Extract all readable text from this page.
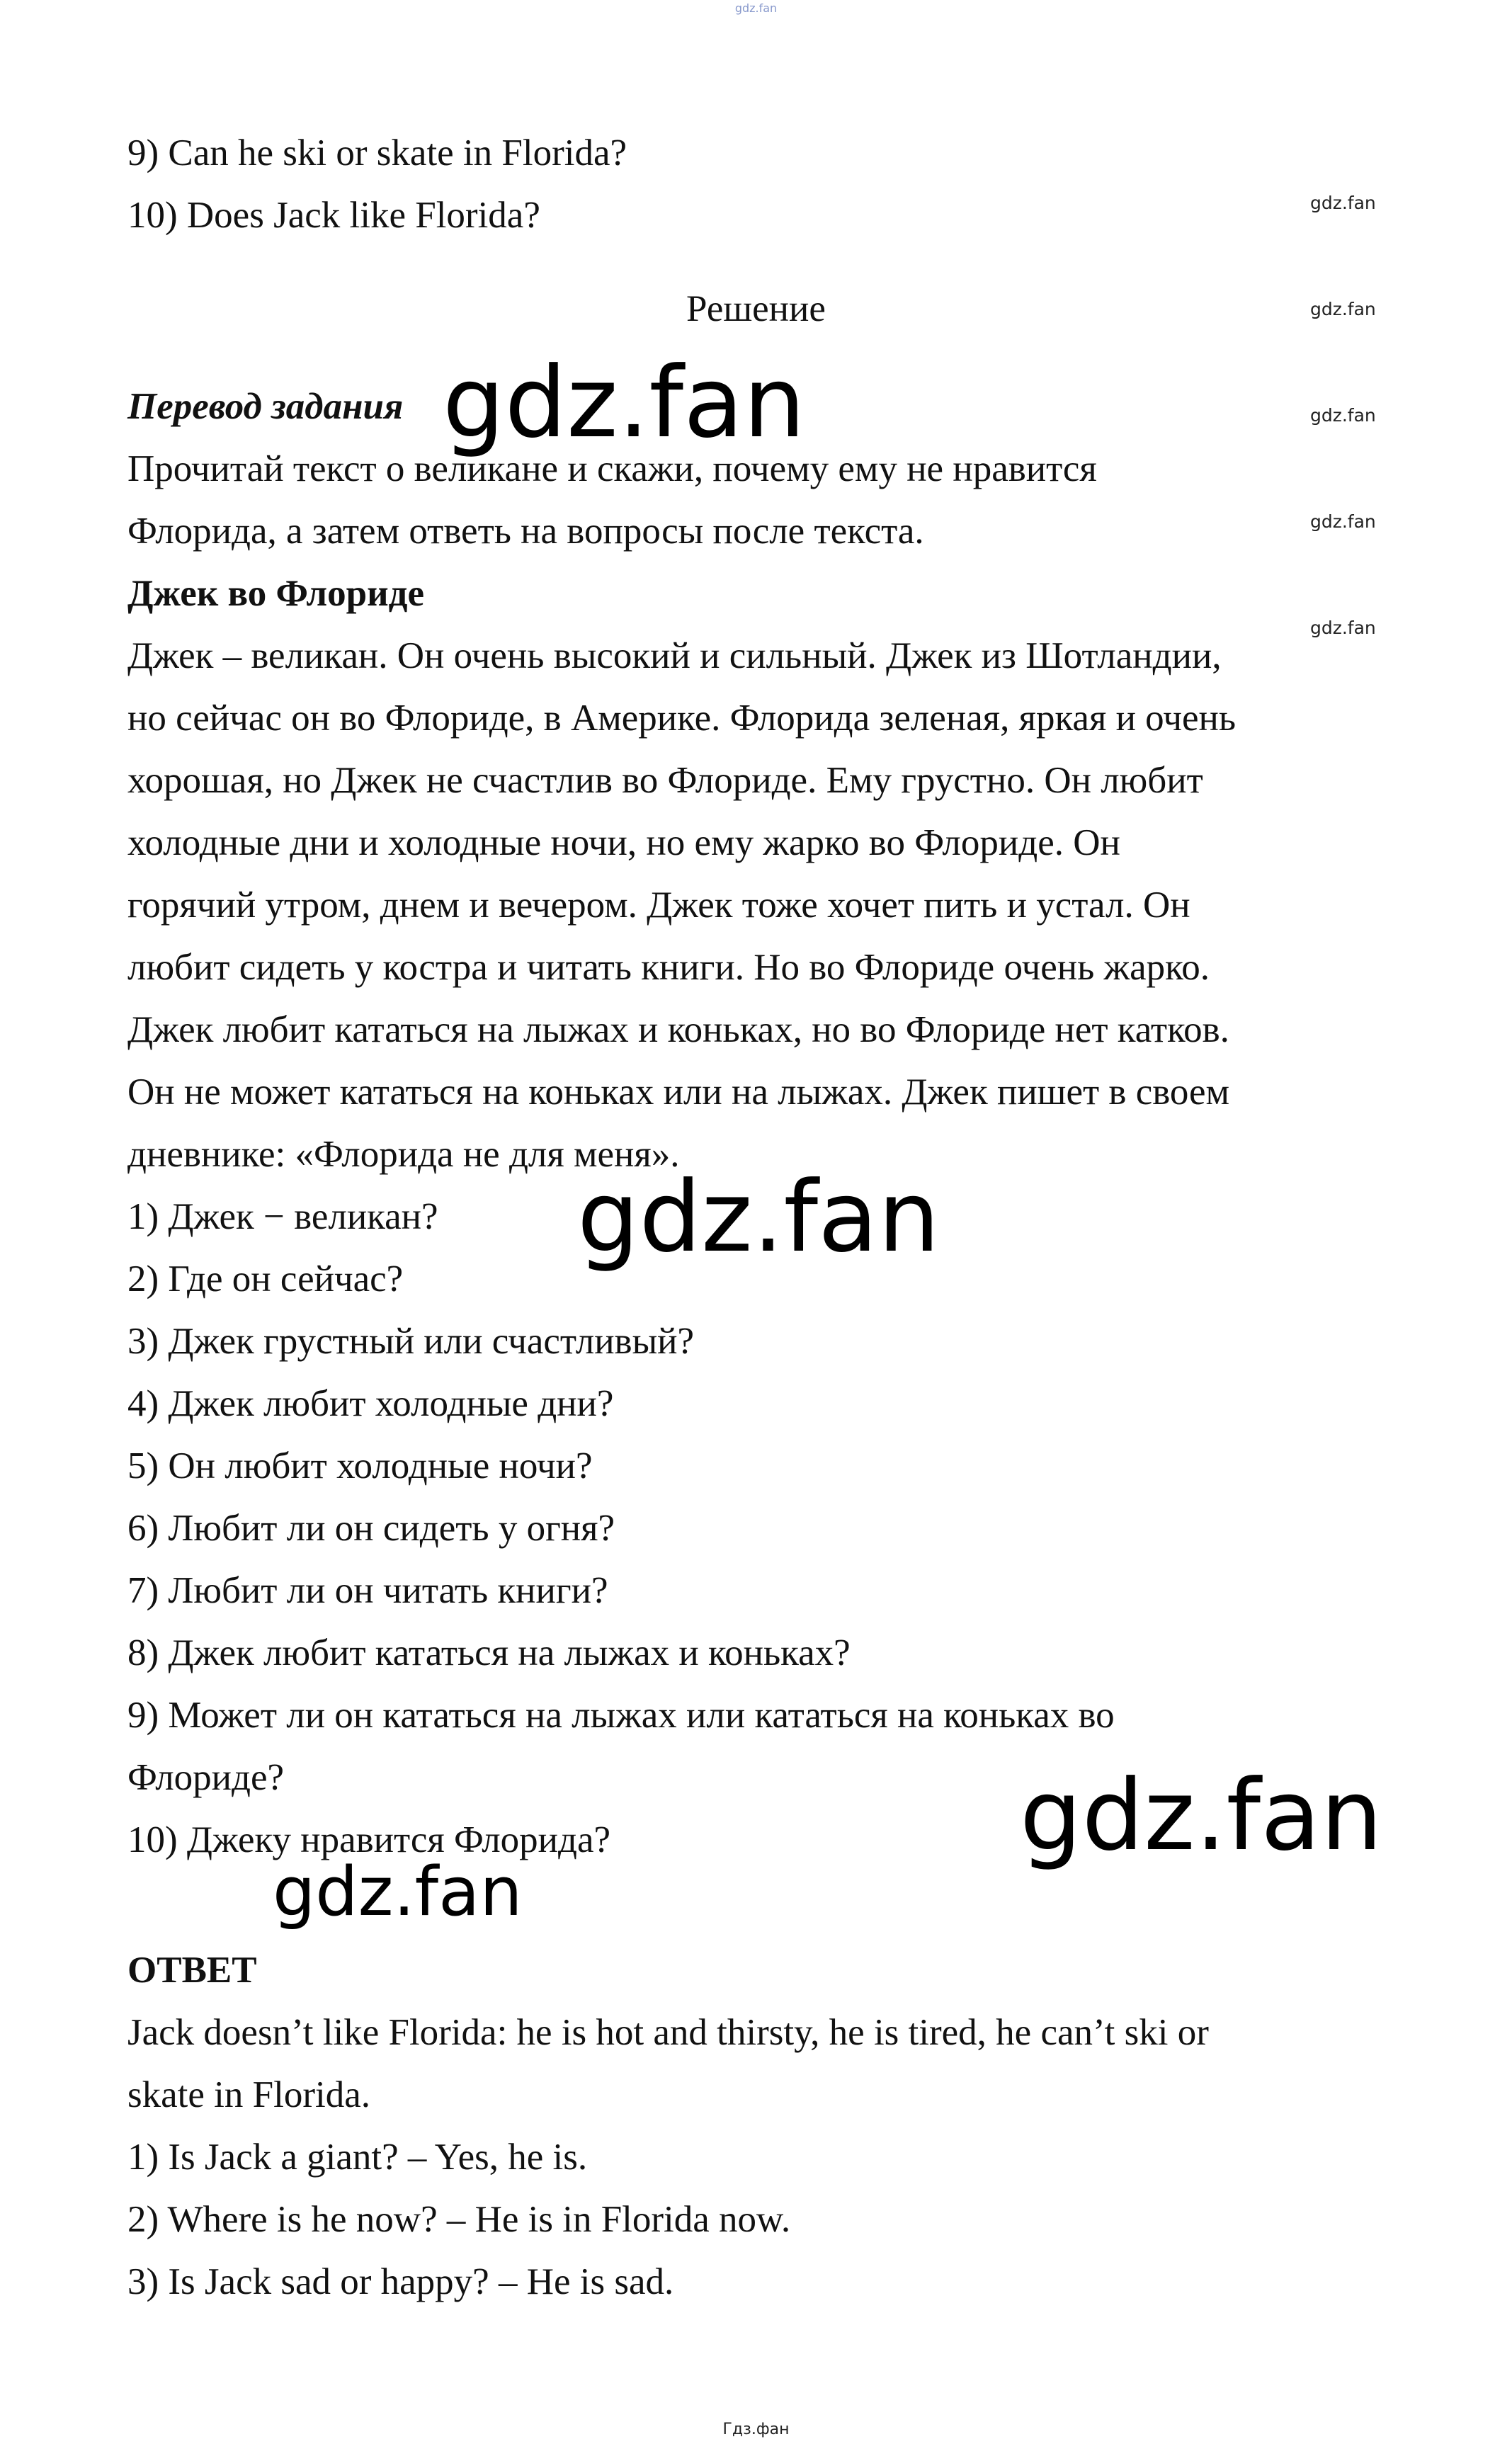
gdz.fan
9) Can he ski or skate in Florida?
10) Does Jack like Florida?
Решение
Перевод задания
Прочитай текст о великане и скажи, почему ему не нравится
Флорида, а затем ответь на вопросы после текста.
Джек во Флориде
Джек – великан. Он очень высокий и сильный. Джек из Шотландии,
но сейчас он во Флориде, в Америке. Флорида зеленая, яркая и очень
хорошая, но Джек не счастлив во Флориде. Ему грустно. Он любит
холодные дни и холодные ночи, но ему жарко во Флориде. Он
горячий утром, днем и вечером. Джек тоже хочет пить и устал. Он
любит сидеть у костра и читать книги. Но во Флориде очень жарко.
Джек любит кататься на лыжах и коньках, но во Флориде нет катков.
Он не может кататься на коньках или на лыжах. Джек пишет в своем
дневнике: «Флорида не для меня».
1) Джек − великан?
2) Где он сейчас?
3) Джек грустный или счастливый?
4) Джек любит холодные дни?
5) Он любит холодные ночи?
6) Любит ли он сидеть у огня?
7) Любит ли он читать книги?
8) Джек любит кататься на лыжах и коньках?
9) Может ли он кататься на лыжах или кататься на коньках во
Флориде?
10) Джеку нравится Флорида?
ОТВЕТ
Jack doesn’t like Florida: he is hot and thirsty, he is tired, he can’t ski or
skate in Florida.
1) Is Jack a giant? – Yes, he is.
2) Where is he now? – He is in Florida now.
3) Is Jack sad or happy? – He is sad.
gdz.fan
gdz.fan
gdz.fan
gdz.fan
gdz.fan
gdz.fan
gdz.fan
gdz.fan
gdz.fan
Гдз.фан
